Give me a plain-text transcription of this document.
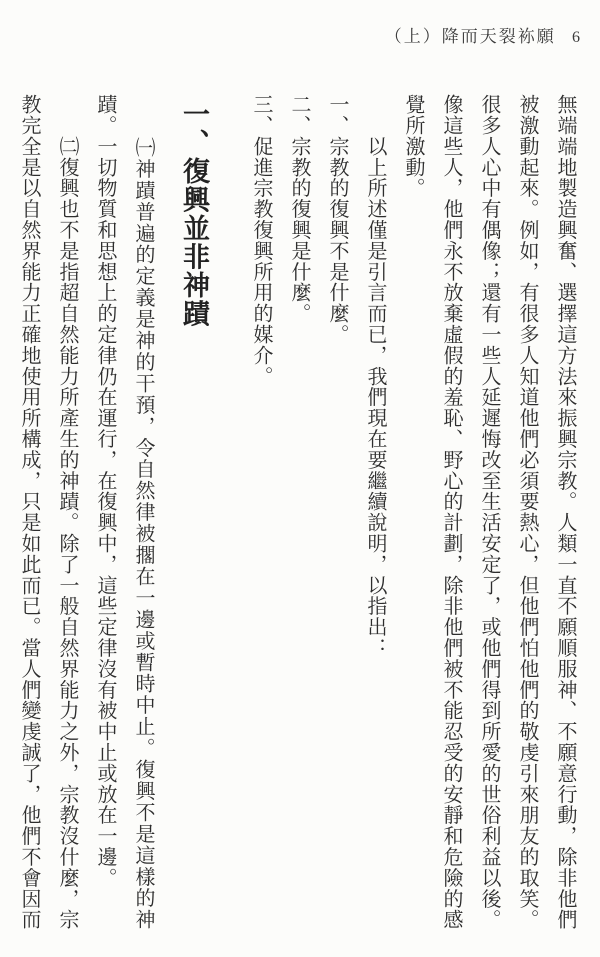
（上）降而天裂袮願 6
無端端地製造興奮、選擇這方法來振興宗教。人類一直不願順服神、不願意行動，除非他們
被激動起來。例如，有很多人知道他們必須要熱心，但他們怕他們的敬虔引來朋友的取笑。
很多人心中有偶像；還有一些人延遲悔改至生活安定了，或他們得到所愛的世俗利益以後。
像這些人，他們永不放棄虛假的羞恥、野心的計劃，除非他們被不能忍受的安靜和危險的感
覺所激動。
　　以上所述僅是引言而已，我們現在要繼續說明，以指出：
一、宗教的復興不是什麼。
二、宗教的復興是什麼。
三、促進宗教復興所用的媒介。
一、復興並非神蹟
　　㈠神蹟普遍的定義是神的干預，令自然律被擱在一邊或暫時中止。復興不是這樣的神
蹟。一切物質和思想上的定律仍在運行，在復興中，這些定律沒有被中止或放在一邊。
　　㈡復興也不是指超自然能力所產生的神蹟。除了一般自然界能力之外，宗教沒什麼，宗
教完全是以自然界能力正確地使用所構成，只是如此而已。當人們變虔誠了，他們不會因而
